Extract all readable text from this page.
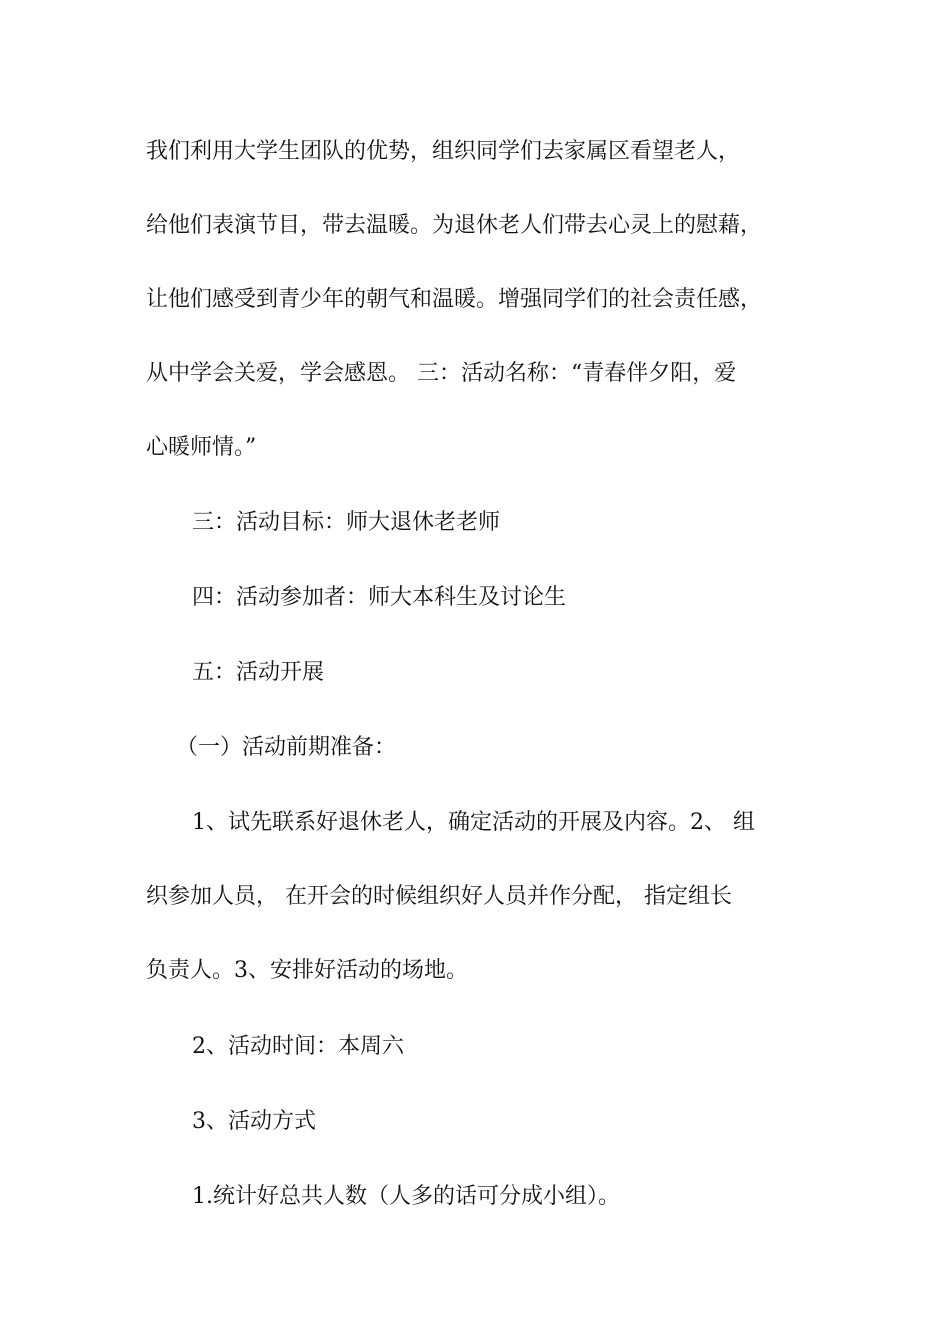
我们利用大学生团队的优势，组织同学们去家属区看望老人，

给他们表演节目，带去温暖。为退休老人们带去心灵上的慰藉，

让他们感受到青少年的朝气和温暖。增强同学们的社会责任感，

从中学会关爱，学会感恩。 三：活动名称：“青春伴夕阳，爱

心暖师情。”

三：活动目标：师大退休老老师

四：活动参加者：师大本科生及讨论生

五：活动开展

（一）活动前期准备：

1、试先联系好退休老人，确定活动的开展及内容。2、 组

织参加人员， 在开会的时候组织好人员并作分配， 指定组长

负责人。3、安排好活动的场地。

2、活动时间：本周六

3、活动方式

1.统计好总共人数（人多的话可分成小组）。
